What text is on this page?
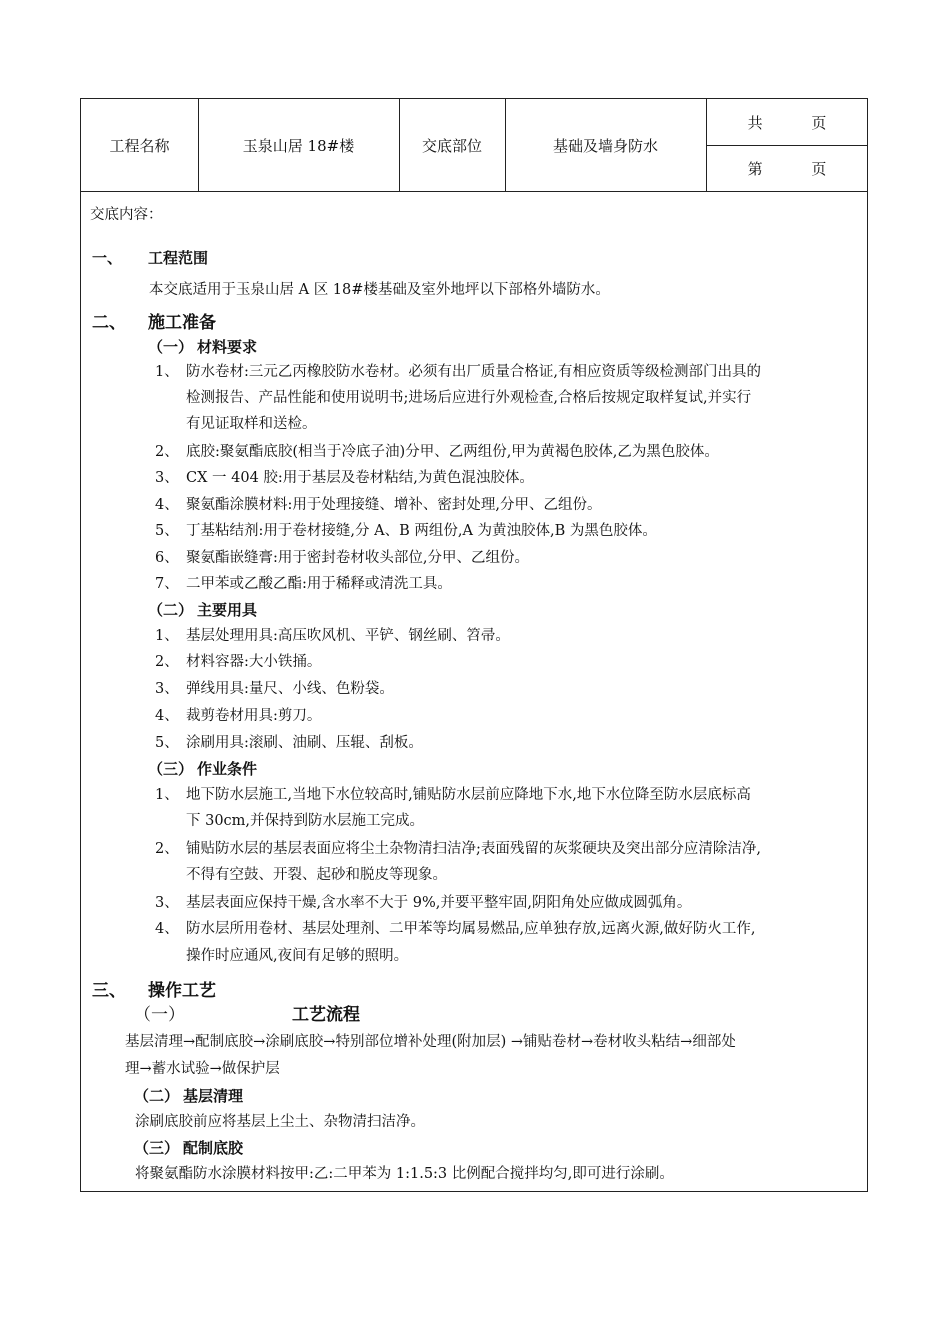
工程名称	玉泉山居 18#楼	交底部位	基础及墙身防水
共 页
第 页
交底内容：
一、 工程范围
本交底适用于玉泉山居 A 区 18#楼基础及室外地坪以下部格外墙防水。
二、 施工准备
（一） 材料要求
1、 防水卷材:三元乙丙橡胶防水卷材。必须有出厂质量合格证,有相应资质等级检测部门出具的
检测报告、产品性能和使用说明书;进场后应进行外观检查,合格后按规定取样复试,并实行
有见证取样和送检。
2、 底胶:聚氨酯底胶(相当于冷底子油)分甲、乙两组份,甲为黄褐色胶体,乙为黑色胶体。
3、 CX 一 404 胶:用于基层及卷材粘结,为黄色混浊胶体。
4、 聚氨酯涂膜材料:用于处理接缝、增补、密封处理,分甲、乙组份。
5、 丁基粘结剂:用于卷材接缝,分 A、B 两组份,A 为黄浊胶体,B 为黑色胶体。
6、 聚氨酯嵌缝膏:用于密封卷材收头部位,分甲、乙组份。
7、 二甲苯或乙酸乙酯:用于稀释或清洗工具。
（二） 主要用具
1、 基层处理用具:高压吹风机、平铲、钢丝刷、笤帚。
2、 材料容器:大小铁捅。
3、 弹线用具:量尺、小线、色粉袋。
4、 裁剪卷材用具:剪刀。
5、 涂刷用具:滚刷、油刷、压辊、刮板。
（三） 作业条件
1、 地下防水层施工,当地下水位较高时,铺贴防水层前应降地下水,地下水位降至防水层底标高
下 30cm,并保持到防水层施工完成。
2、 铺贴防水层的基层表面应将尘土杂物清扫洁净;表面残留的灰浆硬块及突出部分应清除洁净,
不得有空鼓、开裂、起砂和脱皮等现象。
3、 基层表面应保持干燥,含水率不大于 9%,并要平整牢固,阴阳角处应做成圆弧角。
4、 防水层所用卷材、基层处理剂、二甲苯等均属易燃品,应单独存放,远离火源,做好防火工作,
操作时应通风,夜间有足够的照明。
三、 操作工艺
（一）	工艺流程
基层清理→配制底胶→涂刷底胶→特别部位增补处理(附加层) →铺贴卷材→卷材收头粘结→细部处
理→蓄水试验→做保护层
（二） 基层清理
涂刷底胶前应将基层上尘土、杂物清扫洁净。
（三） 配制底胶
将聚氨酯防水涂膜材料按甲:乙:二甲苯为 1:1.5:3 比例配合搅拌均匀,即可进行涂刷。
